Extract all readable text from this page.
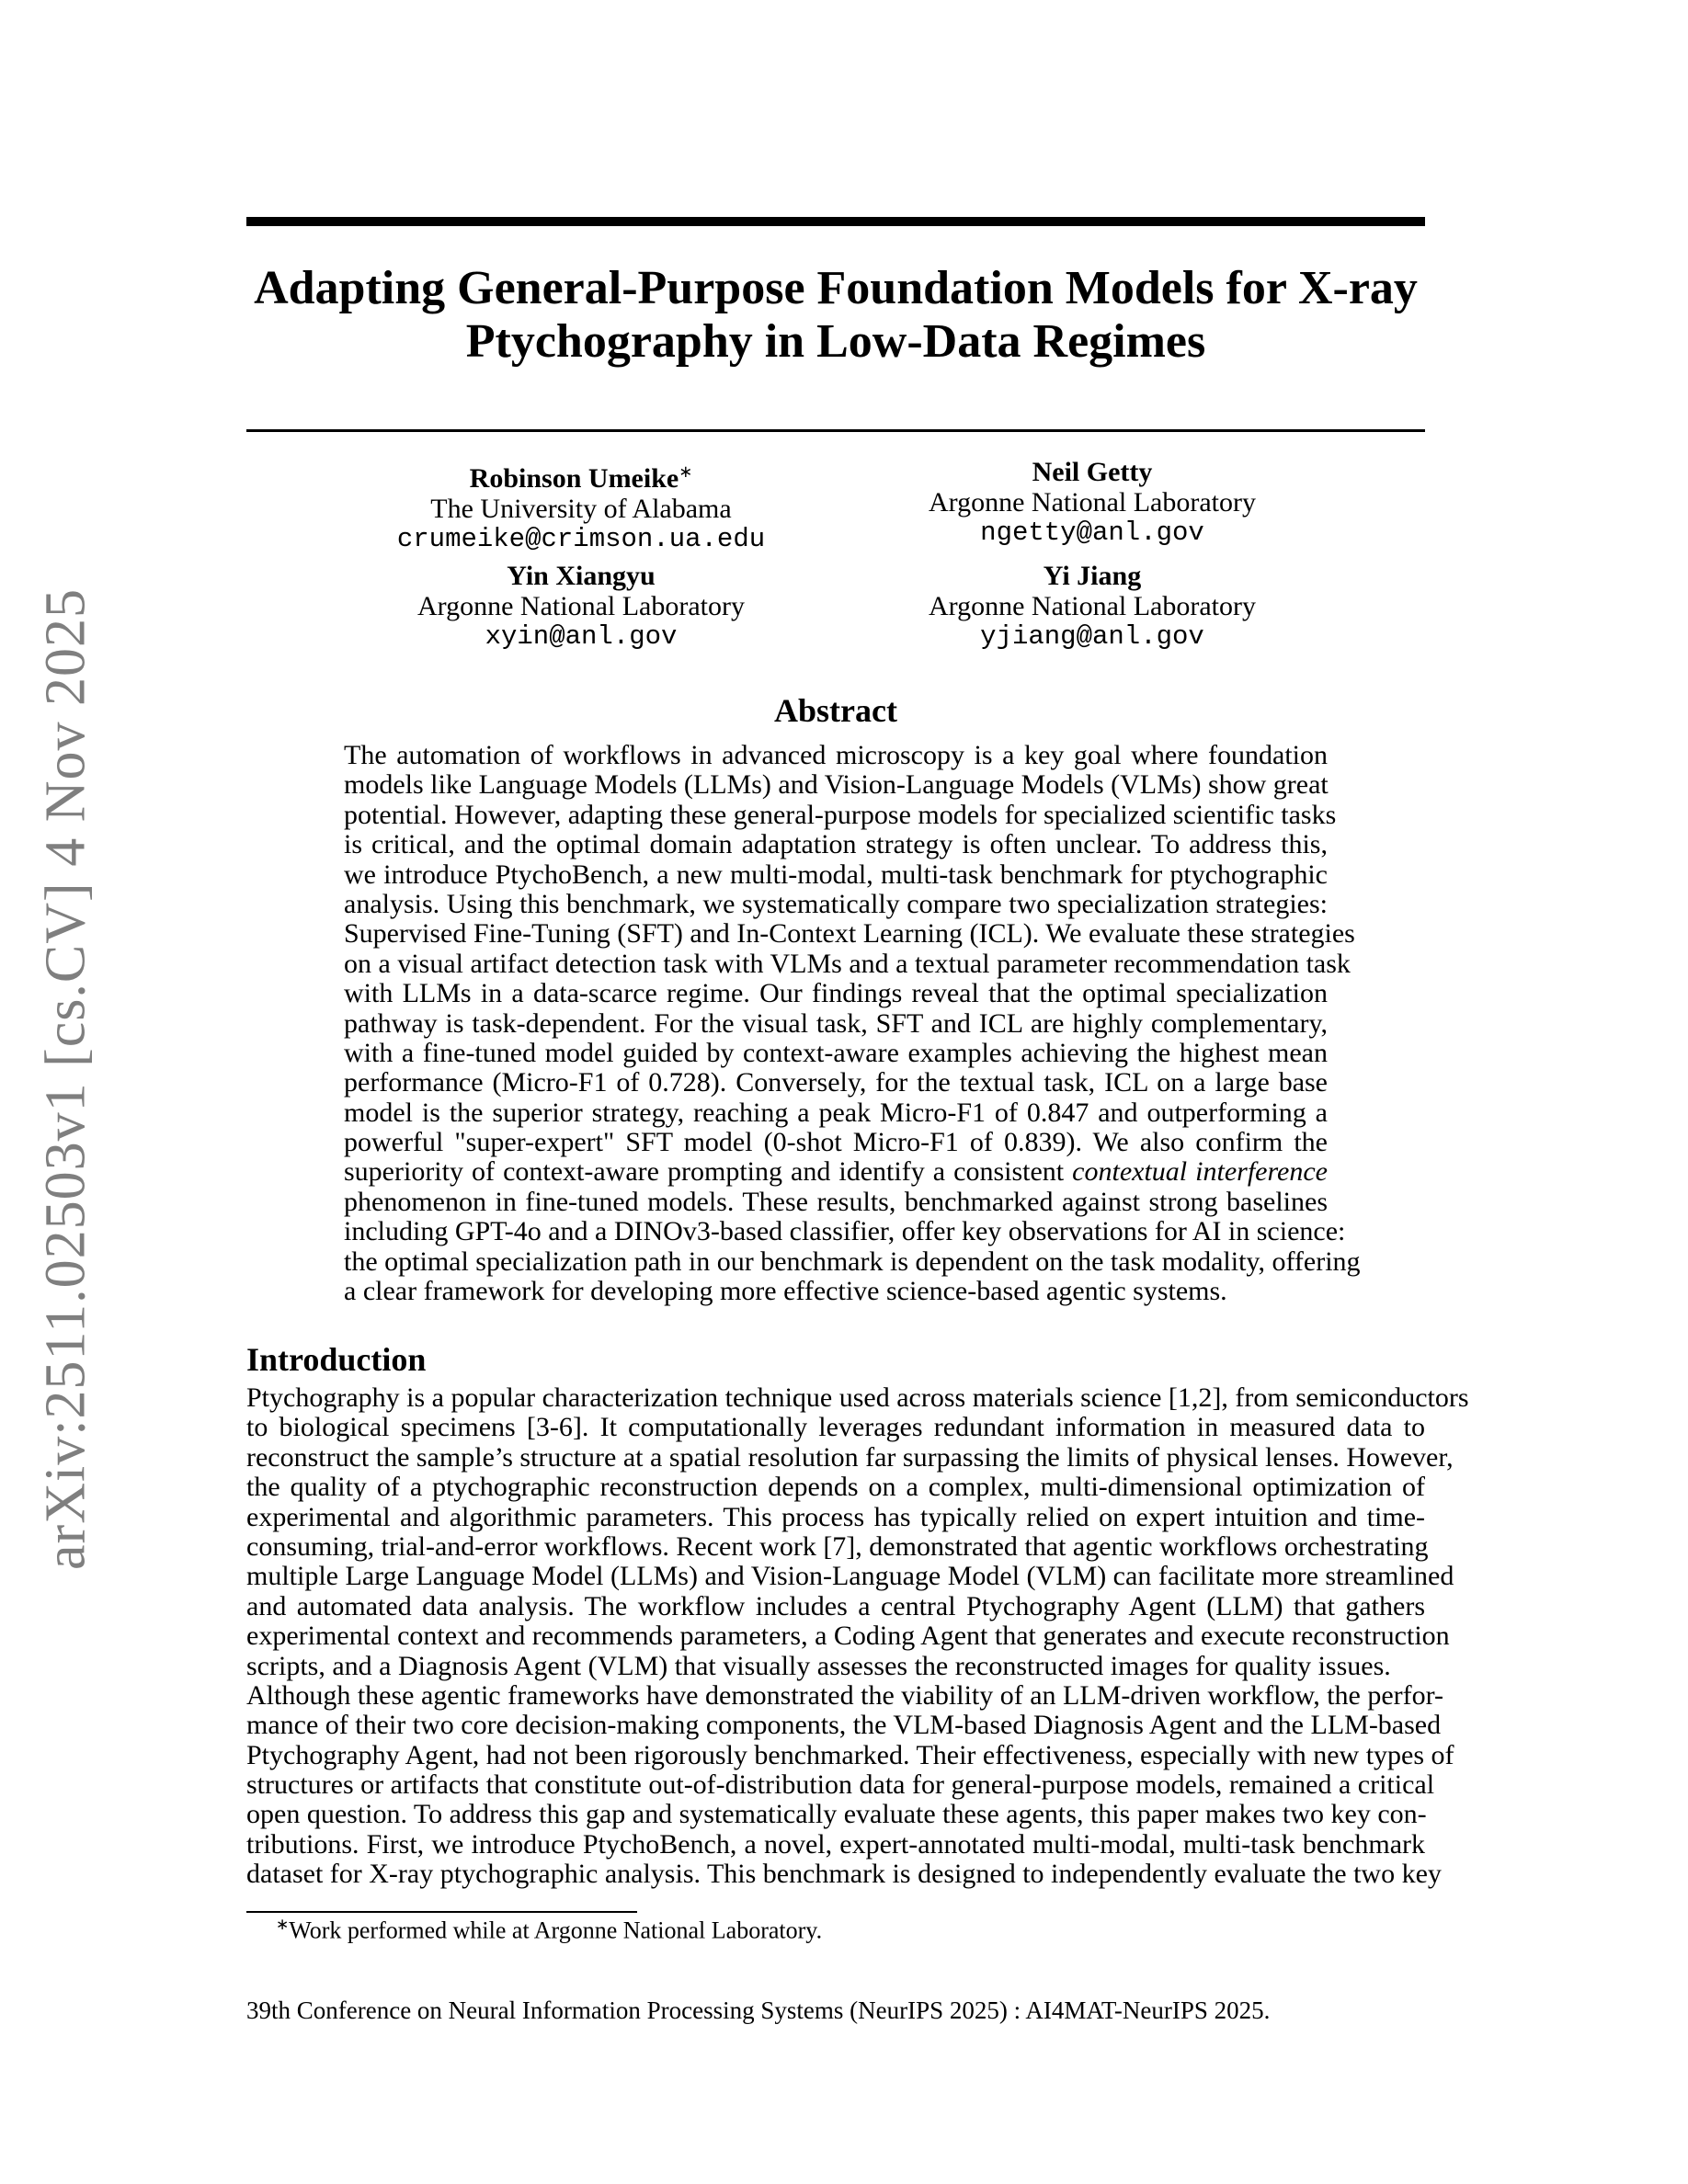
arXiv:2511.02503v1 [cs.CV] 4 Nov 2025
Adapting General-Purpose Foundation Models for X-ray
Ptychography in Low-Data Regimes
Robinson Umeike∗
The University of Alabama
crumeike@crimson.ua.edu
Neil Getty
Argonne National Laboratory
ngetty@anl.gov
Yin Xiangyu
Argonne National Laboratory
xyin@anl.gov
Yi Jiang
Argonne National Laboratory
yjiang@anl.gov
Abstract
The automation of workflows in advanced microscopy is a key goal where foundation
models like Language Models (LLMs) and Vision-Language Models (VLMs) show great
potential. However, adapting these general-purpose models for specialized scientific tasks
is critical, and the optimal domain adaptation strategy is often unclear. To address this,
we introduce PtychoBench, a new multi-modal, multi-task benchmark for ptychographic
analysis. Using this benchmark, we systematically compare two specialization strategies:
Supervised Fine-Tuning (SFT) and In-Context Learning (ICL). We evaluate these strategies
on a visual artifact detection task with VLMs and a textual parameter recommendation task
with LLMs in a data-scarce regime. Our findings reveal that the optimal specialization
pathway is task-dependent. For the visual task, SFT and ICL are highly complementary,
with a fine-tuned model guided by context-aware examples achieving the highest mean
performance (Micro-F1 of 0.728). Conversely, for the textual task, ICL on a large base
model is the superior strategy, reaching a peak Micro-F1 of 0.847 and outperforming a
powerful "super-expert" SFT model (0-shot Micro-F1 of 0.839). We also confirm the
superiority of context-aware prompting and identify a consistent contextual interference
phenomenon in fine-tuned models. These results, benchmarked against strong baselines
including GPT-4o and a DINOv3-based classifier, offer key observations for AI in science:
the optimal specialization path in our benchmark is dependent on the task modality, offering
a clear framework for developing more effective science-based agentic systems.
Introduction
Ptychography is a popular characterization technique used across materials science [1,2], from semiconductors
to biological specimens [3-6]. It computationally leverages redundant information in measured data to
reconstruct the sample’s structure at a spatial resolution far surpassing the limits of physical lenses. However,
the quality of a ptychographic reconstruction depends on a complex, multi-dimensional optimization of
experimental and algorithmic parameters. This process has typically relied on expert intuition and time-
consuming, trial-and-error workflows. Recent work [7], demonstrated that agentic workflows orchestrating
multiple Large Language Model (LLMs) and Vision-Language Model (VLM) can facilitate more streamlined
and automated data analysis. The workflow includes a central Ptychography Agent (LLM) that gathers
experimental context and recommends parameters, a Coding Agent that generates and execute reconstruction
scripts, and a Diagnosis Agent (VLM) that visually assesses the reconstructed images for quality issues.
Although these agentic frameworks have demonstrated the viability of an LLM-driven workflow, the perfor-
mance of their two core decision-making components, the VLM-based Diagnosis Agent and the LLM-based
Ptychography Agent, had not been rigorously benchmarked. Their effectiveness, especially with new types of
structures or artifacts that constitute out-of-distribution data for general-purpose models, remained a critical
open question. To address this gap and systematically evaluate these agents, this paper makes two key con-
tributions. First, we introduce PtychoBench, a novel, expert-annotated multi-modal, multi-task benchmark
dataset for X-ray ptychographic analysis. This benchmark is designed to independently evaluate the two key
∗Work performed while at Argonne National Laboratory.
39th Conference on Neural Information Processing Systems (NeurIPS 2025) : AI4MAT-NeurIPS 2025.
